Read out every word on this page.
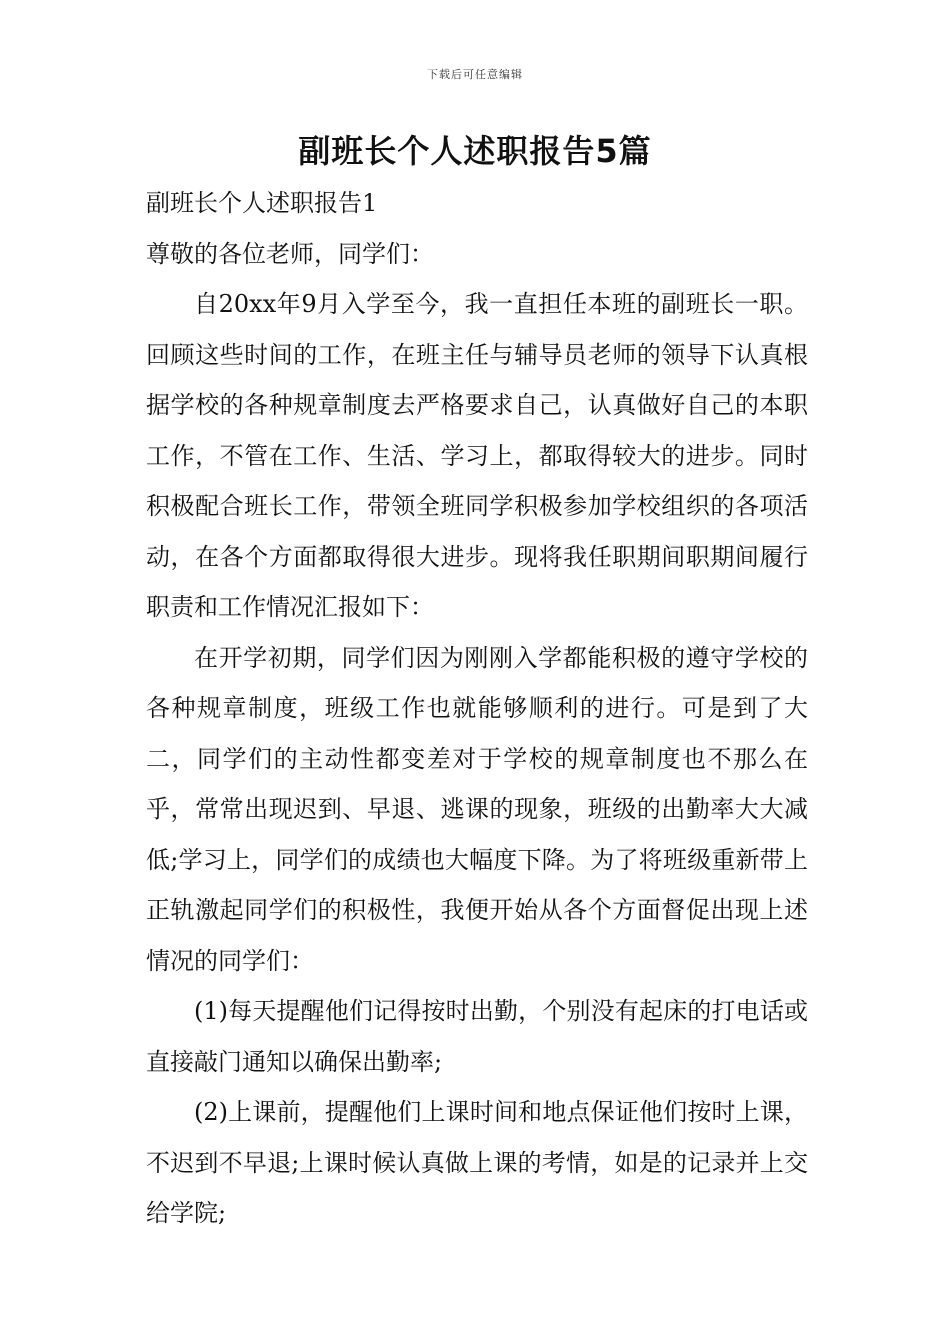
下载后可任意编辑
副班长个人述职报告5篇

副班长个人述职报告1

尊敬的各位老师，同学们：

自20xx年9月入学至今，我一直担任本班的副班长一职。回顾这些时间的工作，在班主任与辅导员老师的领导下认真根据学校的各种规章制度去严格要求自己，认真做好自己的本职工作，不管在工作、生活、学习上，都取得较大的进步。同时积极配合班长工作，带领全班同学积极参加学校组织的各项活动，在各个方面都取得很大进步。现将我任职期间职期间履行职责和工作情况汇报如下：

在开学初期，同学们因为刚刚入学都能积极的遵守学校的各种规章制度，班级工作也就能够顺利的进行。可是到了大二，同学们的主动性都变差对于学校的规章制度也不那么在乎，常常出现迟到、早退、逃课的现象，班级的出勤率大大减低;学习上，同学们的成绩也大幅度下降。为了将班级重新带上正轨激起同学们的积极性，我便开始从各个方面督促出现上述情况的同学们：

(1)每天提醒他们记得按时出勤，个别没有起床的打电话或直接敲门通知以确保出勤率;

(2)上课前，提醒他们上课时间和地点保证他们按时上课，不迟到不早退;上课时候认真做上课的考情，如是的记录并上交给学院;
